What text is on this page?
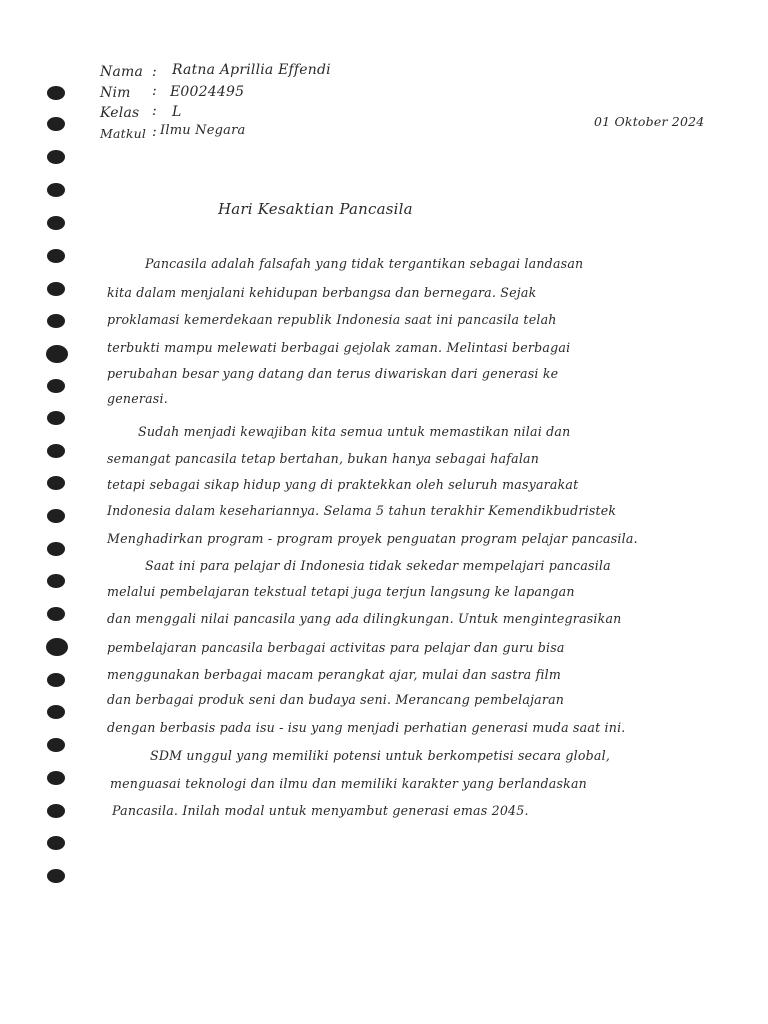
Nama : Ratna Aprillia Effendi
Nim : E0024495
Kelas : L
Matkul : Ilmu Negara
01 Oktober 2024
Hari Kesaktian Pancasila
Pancasila adalah falsafah yang tidak tergantikan sebagai landasan
kita dalam menjalani kehidupan berbangsa dan bernegara. Sejak
proklamasi kemerdekaan republik Indonesia saat ini pancasila telah
terbukti mampu melewati berbagai gejolak zaman. Melintasi berbagai
perubahan besar yang datang dan terus diwariskan dari generasi ke
generasi.
Sudah menjadi kewajiban kita semua untuk memastikan nilai dan
semangat pancasila tetap bertahan, bukan hanya sebagai hafalan
tetapi sebagai sikap hidup yang di praktekkan oleh seluruh masyarakat
Indonesia dalam kesehariannya. Selama 5 tahun terakhir Kemendikbudristek
Menghadirkan program - program proyek penguatan program pelajar pancasila.
Saat ini para pelajar di Indonesia tidak sekedar mempelajari pancasila
melalui pembelajaran tekstual tetapi juga terjun langsung ke lapangan
dan menggali nilai pancasila yang ada dilingkungan. Untuk mengintegrasikan
pembelajaran pancasila berbagai activitas para pelajar dan guru bisa
menggunakan berbagai macam perangkat ajar, mulai dan sastra film
dan berbagai produk seni dan budaya seni. Merancang pembelajaran
dengan berbasis pada isu - isu yang menjadi perhatian generasi muda saat ini.
SDM unggul yang memiliki potensi untuk berkompetisi secara global,
menguasai teknologi dan ilmu dan memiliki karakter yang berlandaskan
Pancasila. Inilah modal untuk menyambut generasi emas 2045.
